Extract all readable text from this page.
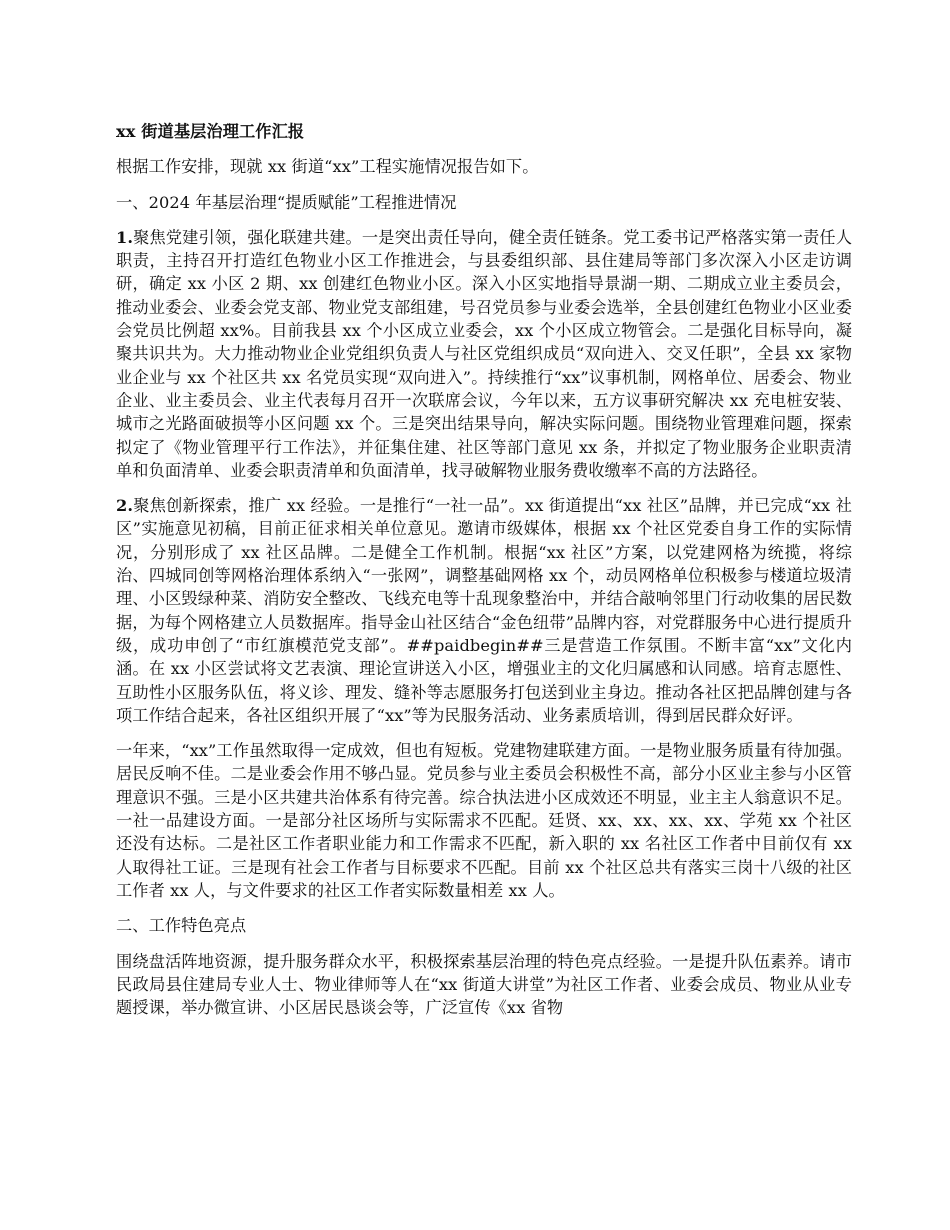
xx 街道基层治理工作汇报

根据工作安排，现就 xx 街道“xx”工程实施情况报告如下。

一、2024 年基层治理“提质赋能”工程推进情况

1.聚焦党建引领，强化联建共建。一是突出责任导向，健全责任链条。党工委书记严格落实第一责任人职责，主持召开打造红色物业小区工作推进会，与县委组织部、县住建局等部门多次深入小区走访调研，确定 xx 小区 2 期、xx 创建红色物业小区。深入小区实地指导景湖一期、二期成立业主委员会，推动业委会、业委会党支部、物业党支部组建，号召党员参与业委会选举，全县创建红色物业小区业委会党员比例超 xx%。目前我县 xx 个小区成立业委会，xx 个小区成立物管会。二是强化目标导向，凝聚共识共为。大力推动物业企业党组织负责人与社区党组织成员“双向进入、交叉任职”，全县 xx 家物业企业与 xx 个社区共 xx 名党员实现“双向进入”。持续推行“xx”议事机制，网格单位、居委会、物业企业、业主委员会、业主代表每月召开一次联席会议，今年以来，五方议事研究解决 xx 充电桩安装、城市之光路面破损等小区问题 xx 个。三是突出结果导向，解决实际问题。围绕物业管理难问题，探索拟定了《物业管理平行工作法》，并征集住建、社区等部门意见 xx 条，并拟定了物业服务企业职责清单和负面清单、业委会职责清单和负面清单，找寻破解物业服务费收缴率不高的方法路径。

2.聚焦创新探索，推广 xx 经验。一是推行“一社一品”。xx 街道提出“xx 社区”品牌，并已完成“xx 社区”实施意见初稿，目前正征求相关单位意见。邀请市级媒体，根据 xx 个社区党委自身工作的实际情况，分别形成了 xx 社区品牌。二是健全工作机制。根据“xx 社区”方案，以党建网格为统揽，将综治、四城同创等网格治理体系纳入“一张网”，调整基础网格 xx 个，动员网格单位积极参与楼道垃圾清理、小区毁绿种菜、消防安全整改、飞线充电等十乱现象整治中，并结合敲响邻里门行动收集的居民数据，为每个网格建立人员数据库。指导金山社区结合“金色纽带”品牌内容，对党群服务中心进行提质升级，成功申创了“市红旗模范党支部”。##paidbegin##三是营造工作氛围。不断丰富“xx”文化内涵。在 xx 小区尝试将文艺表演、理论宣讲送入小区，增强业主的文化归属感和认同感。培育志愿性、互助性小区服务队伍，将义诊、理发、缝补等志愿服务打包送到业主身边。推动各社区把品牌创建与各项工作结合起来，各社区组织开展了“xx”等为民服务活动、业务素质培训，得到居民群众好评。

一年来，“xx”工作虽然取得一定成效，但也有短板。党建物建联建方面。一是物业服务质量有待加强。居民反响不佳。二是业委会作用不够凸显。党员参与业主委员会积极性不高，部分小区业主参与小区管理意识不强。三是小区共建共治体系有待完善。综合执法进小区成效还不明显，业主主人翁意识不足。一社一品建设方面。一是部分社区场所与实际需求不匹配。廷贤、xx、xx、xx、xx、学苑 xx 个社区还没有达标。二是社区工作者职业能力和工作需求不匹配，新入职的 xx 名社区工作者中目前仅有 xx 人取得社工证。三是现有社会工作者与目标要求不匹配。目前 xx 个社区总共有落实三岗十八级的社区工作者 xx 人，与文件要求的社区工作者实际数量相差 xx 人。

二、工作特色亮点

围绕盘活阵地资源，提升服务群众水平，积极探索基层治理的特色亮点经验。一是提升队伍素养。请市民政局县住建局专业人士、物业律师等人在“xx 街道大讲堂”为社区工作者、业委会成员、物业从业专题授课，举办微宣讲、小区居民恳谈会等，广泛宣传《xx 省物
